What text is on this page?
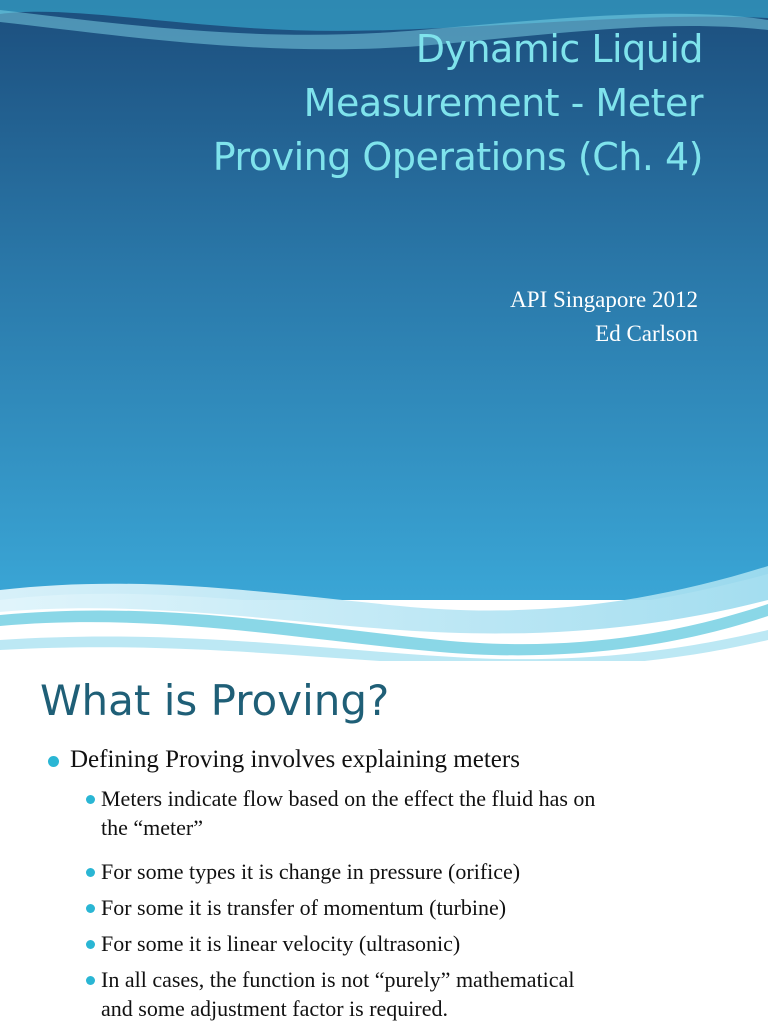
Dynamic Liquid
Measurement - Meter
Proving Operations (Ch. 4)
API Singapore 2012
Ed Carlson
What is Proving?
Defining Proving involves explaining meters
Meters indicate flow based on the effect the fluid has on
the “meter”
For some types it is change in pressure (orifice)
For some it is transfer of momentum (turbine)
For some it is linear velocity (ultrasonic)
In all cases, the function is not “purely” mathematical
and some adjustment factor is required.
